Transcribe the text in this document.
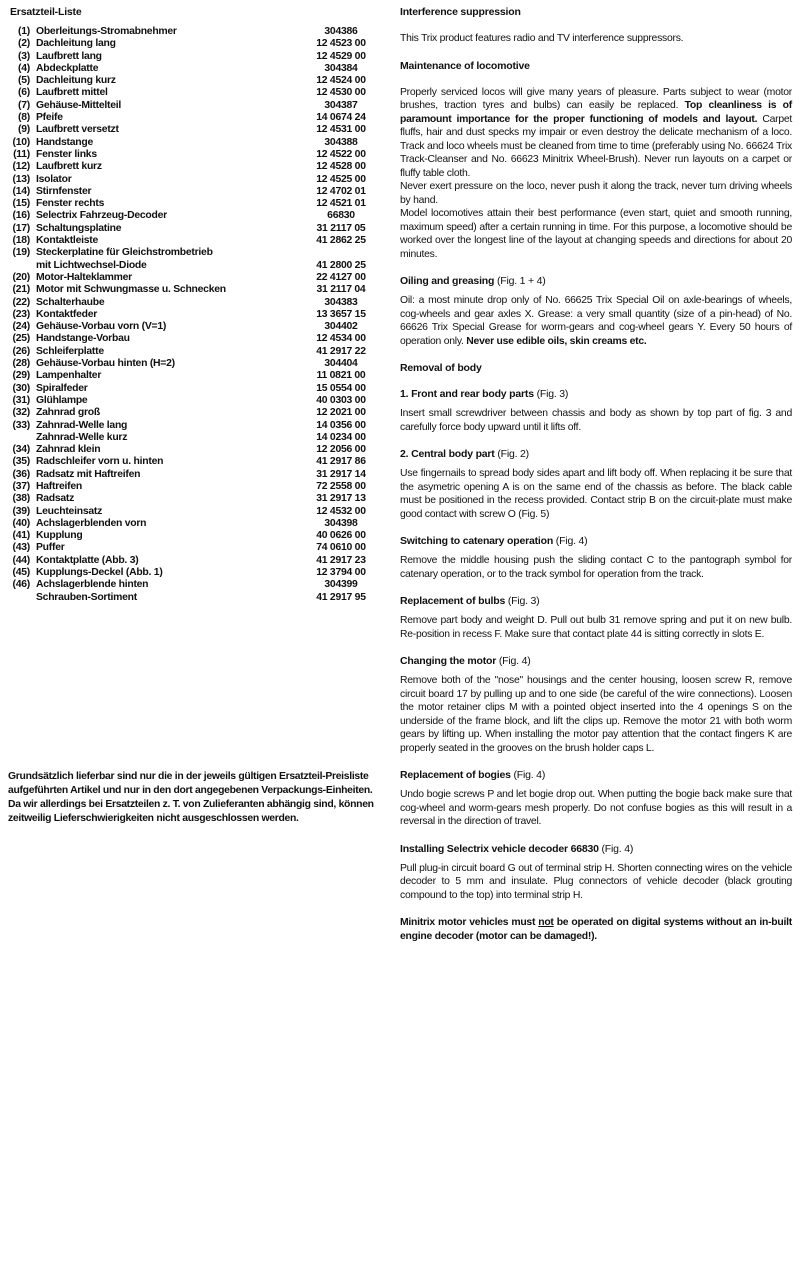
Ersatzteil-Liste
(1) Oberleitungs-Stromabnehmer	304386
(2) Dachleitung lang	12 4523 00
(3) Laufbrett lang	12 4529 00
(4) Abdeckplatte	304384
(5) Dachleitung kurz	12 4524 00
(6) Laufbrett mittel	12 4530 00
(7) Gehäuse-Mittelteil	304387
(8) Pfeife	14 0674 24
(9) Laufbrett versetzt	12 4531 00
(10) Handstange	304388
(11) Fenster links	12 4522 00
(12) Laufbrett kurz	12 4528 00
(13) Isolator	12 4525 00
(14) Stirnfenster	12 4702 01
(15) Fenster rechts	12 4521 01
(16) Selectrix Fahrzeug-Decoder	66830
(17) Schaltungsplatine	31 2117 05
(18) Kontaktleiste	41 2862 25
(19) Steckerplatine für Gleichstrombetrieb
mit Lichtwechsel-Diode	41 2800 25
(20) Motor-Halteklammer	22 4127 00
(21) Motor mit Schwungmasse u. Schnecken	31 2117 04
(22) Schalterhaube	304383
(23) Kontaktfeder	13 3657 15
(24) Gehäuse-Vorbau vorn (V=1)	304402
(25) Handstange-Vorbau	12 4534 00
(26) Schleiferplatte	41 2917 22
(28) Gehäuse-Vorbau hinten (H=2)	304404
(29) Lampenhalter	11 0821 00
(30) Spiralfeder	15 0554 00
(31) Glühlampe	40 0303 00
(32) Zahnrad groß	12 2021 00
(33) Zahnrad-Welle lang	14 0356 00
Zahnrad-Welle kurz	14 0234 00
(34) Zahnrad klein	12 2056 00
(35) Radschleifer vorn u. hinten	41 2917 86
(36) Radsatz mit Haftreifen	31 2917 14
(37) Haftreifen	72 2558 00
(38) Radsatz	31 2917 13
(39) Leuchteinsatz	12 4532 00
(40) Achslagerblenden vorn	304398
(41) Kupplung	40 0626 00
(43) Puffer	74 0610 00
(44) Kontaktplatte (Abb. 3)	41 2917 23
(45) Kupplungs-Deckel (Abb. 1)	12 3794 00
(46) Achslagerblende hinten	304399
Schrauben-Sortiment	41 2917 95
Grundsätzlich lieferbar sind nur die in der jeweils gültigen Ersatzteil-Preisliste aufgeführten Artikel und nur in den dort angegebenen Verpackungs-Einheiten. Da wir allerdings bei Ersatzteilen z. T. von Zulieferanten abhängig sind, können zeitweilig Lieferschwierigkeiten nicht ausgeschlossen werden.
Interference suppression

This Trix product features radio and TV interference suppressors.

Maintenance of locomotive

Properly serviced locos will give many years of pleasure. Parts subject to wear (motor brushes, traction tyres and bulbs) can easily be replaced. Top cleanliness is of paramount importance for the proper functioning of models and layout. Carpet fluffs, hair and dust specks my impair or even destroy the delicate mechanism of a loco. Track and loco wheels must be cleaned from time to time (preferably using No. 66624 Trix Track-Cleanser and No. 66623 Minitrix Wheel-Brush). Never run layouts on a carpet or fluffy table cloth.

Never exert pressure on the loco, never push it along the track, never turn driving wheels by hand.

Model locomotives attain their best performance (even start, quiet and smooth running, maximum speed) after a certain running in time. For this purpose, a locomotive should be worked over the longest line of the layout at changing speeds and directions for about 20 minutes.

Oiling and greasing (Fig. 1 + 4)

Oil: a most minute drop only of No. 66625 Trix Special Oil on axle-bearings of wheels, cog-wheels and gear axles X. Grease: a very small quantity (size of a pin-head) of No. 66626 Trix Special Grease for worm-gears and cog-wheel gears Y. Every 50 hours of operation only. Never use edible oils, skin creams etc.

Removal of body
1. Front and rear body parts (Fig. 3)

Insert small screwdriver between chassis and body as shown by top part of fig. 3 and carefully force body upward until it lifts off.

2. Central body part (Fig. 2)

Use fingernails to spread body sides apart and lift body off. When replacing it be sure that the asymetric opening A is on the same end of the chassis as before. The black cable must be positioned in the recess provided. Contact strip B on the circuit-plate must make good contact with screw O (Fig. 5)

Switching to catenary operation (Fig. 4)

Remove the middle housing push the sliding contact C to the pantograph symbol for catenary operation, or to the track symbol for operation from the track.

Replacement of bulbs (Fig. 3)

Remove part body and weight D. Pull out bulb 31 remove spring and put it on new bulb. Re-position in recess F. Make sure that contact plate 44 is sitting correctly in slots E.

Changing the motor (Fig. 4)

Remove both of the "nose" housings and the center housing, loosen screw R, remove circuit board 17 by pulling up and to one side (be careful of the wire connections). Loosen the motor retainer clips M with a pointed object inserted into the 4 openings S on the underside of the frame block, and lift the clips up. Remove the motor 21 with both worm gears by lifting up. When installing the motor pay attention that the contact fingers K are properly seated in the grooves on the brush holder caps L.

Replacement of bogies (Fig. 4)

Undo bogie screws P and let bogie drop out. When putting the bogie back make sure that cog-wheel and worm-gears mesh properly. Do not confuse bogies as this will result in a reversal in the direction of travel.

Installing Selectrix vehicle decoder 66830 (Fig. 4)

Pull plug-in circuit board G out of terminal strip H. Shorten connecting wires on the vehicle decoder to 5 mm and insulate. Plug connectors of vehicle decoder (black grouting compound to the top) into terminal strip H.

Minitrix motor vehicles must not be operated on digital systems without an in-built engine decoder (motor can be damaged!).
